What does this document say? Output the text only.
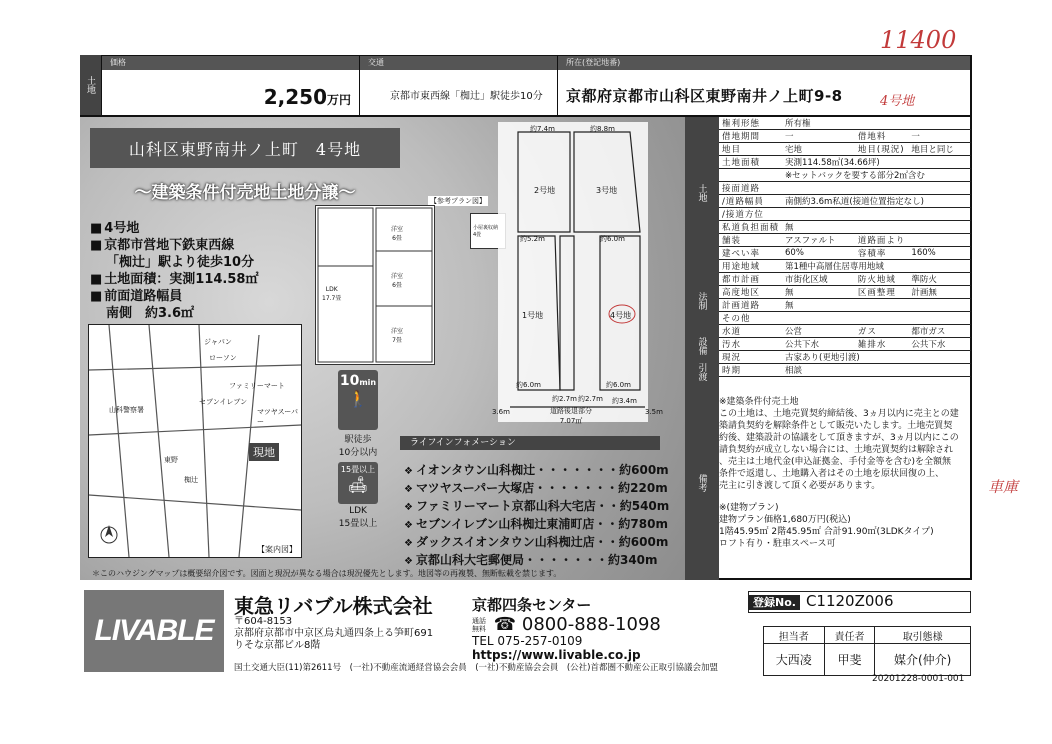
11400
4号地
車庫
土地
価格
2,250万円
交通
京都市東西線「椥辻」駅徒歩10分
所在(登記地番)
京都府京都市山科区東野南井ノ上町9-8
山科区東野南井ノ上町　4号地
～建築条件付売地土地分譲～
■ 4号地
■ 京都市営地下鉄東西線
「椥辻」駅より徒歩10分
■ 土地面積：実測114.58㎡
■ 前面道路幅員
南側　約3.6㎡
ローソン
ジャパン
ファミリーマート
マツヤスーパー
セブンイレブン
山科警察署
東野
椥辻
現地
【案内図】
【参考プラン図】
LDK
17.7畳
洋室
6畳
洋室
6畳
洋室
7畳
小屋裏収納
4畳
10min
🚶
駅徒歩
10分以内
15畳以上
🛋
LDK
15畳以上
2号地	3号地
1号地	4号地
約7.4m	約8.8m
約5.2m	約6.0m
約6.0m
約2.7m 約2.7m
約6.0m
約3.4m
3.6m	3.5m
道路後退部分
7.07㎡
ライフインフォメーション
❖ イオンタウン山科椥辻・・・・・・・約600m
❖ マツヤスーパー大塚店・・・・・・・約220m
❖ ファミリーマート京都山科大宅店・・約540m
❖ セブンイレブン山科椥辻東浦町店・・約780m
❖ ダックスイオンタウン山科椥辻店・・約600m
❖ 京都山科大宅郵便局・・・・・・・約340m
＊このハウジングマップは概要紹介図です。図面と現況が異なる場合は現況優先とします。地図等の再複製、無断転載を禁じます。
土地
法制
設備
引渡
備考
権利形態	所有権		
借地期間	一	借地料	一
地目	宅地	地目(現況)	地目と同じ
土地面積	実測114.58㎡(34.66坪)		
	※セットバックを要する部分2㎡含む		
接面道路			
/道路幅員	南側約3.6m私道(接道位置指定なし)		
/接道方位			
私道負担面積	無		
舗装	アスファルト	道路面より	
建ぺい率	60%	容積率	160%
用途地域	第1種中高層住居専用地域		
都市計画	市街化区域	防火地域	準防火
高度地区	無	区画整理	計画無
計画道路	無		
その他			
水道	公営	ガス	都市ガス
汚水	公共下水	雑排水	公共下水
現況	古家あり(更地引渡)		
時期	相談		
※建築条件付売土地
この土地は、土地売買契約締結後、3ヵ月以内に売主との建
築請負契約を解除条件として販売いたします。土地売買契
約後、建築設計の協議をして頂きますが、3ヵ月以内にこの
請負契約が成立しない場合には、土地売買契約は解除され
、売主は土地代金(申込証拠金、手付金等を含む)を全額無
条件で返還し、土地購入者はその土地を原状回復の上、
売主に引き渡して頂く必要があります。
※(建物プラン)
建物プラン価格1,680万円(税込)
1階45.95㎡ 2階45.95㎡ 合計91.90㎡(3LDKタイプ)
ロフト有り・駐車スペース可
LIVABLE
東急リバブル株式会社	京都四条センター
〒604-8153
京都府京都市中京区烏丸通四条上る笋町691
りそな京都ビル8階
通話無料 ☎ 0800-888-1098
TEL 075-257-0109
https://www.livable.co.jp
国土交通大臣(11)第2611号　(一社)不動産流通経営協会会員　(一社)不動産協会会員　(公社)首都圏不動産公正取引協議会加盟
登録No. C1120Z006
担当者	責任者	取引態様
大西凌	甲斐	媒介(仲介)
20201228-0001-001
